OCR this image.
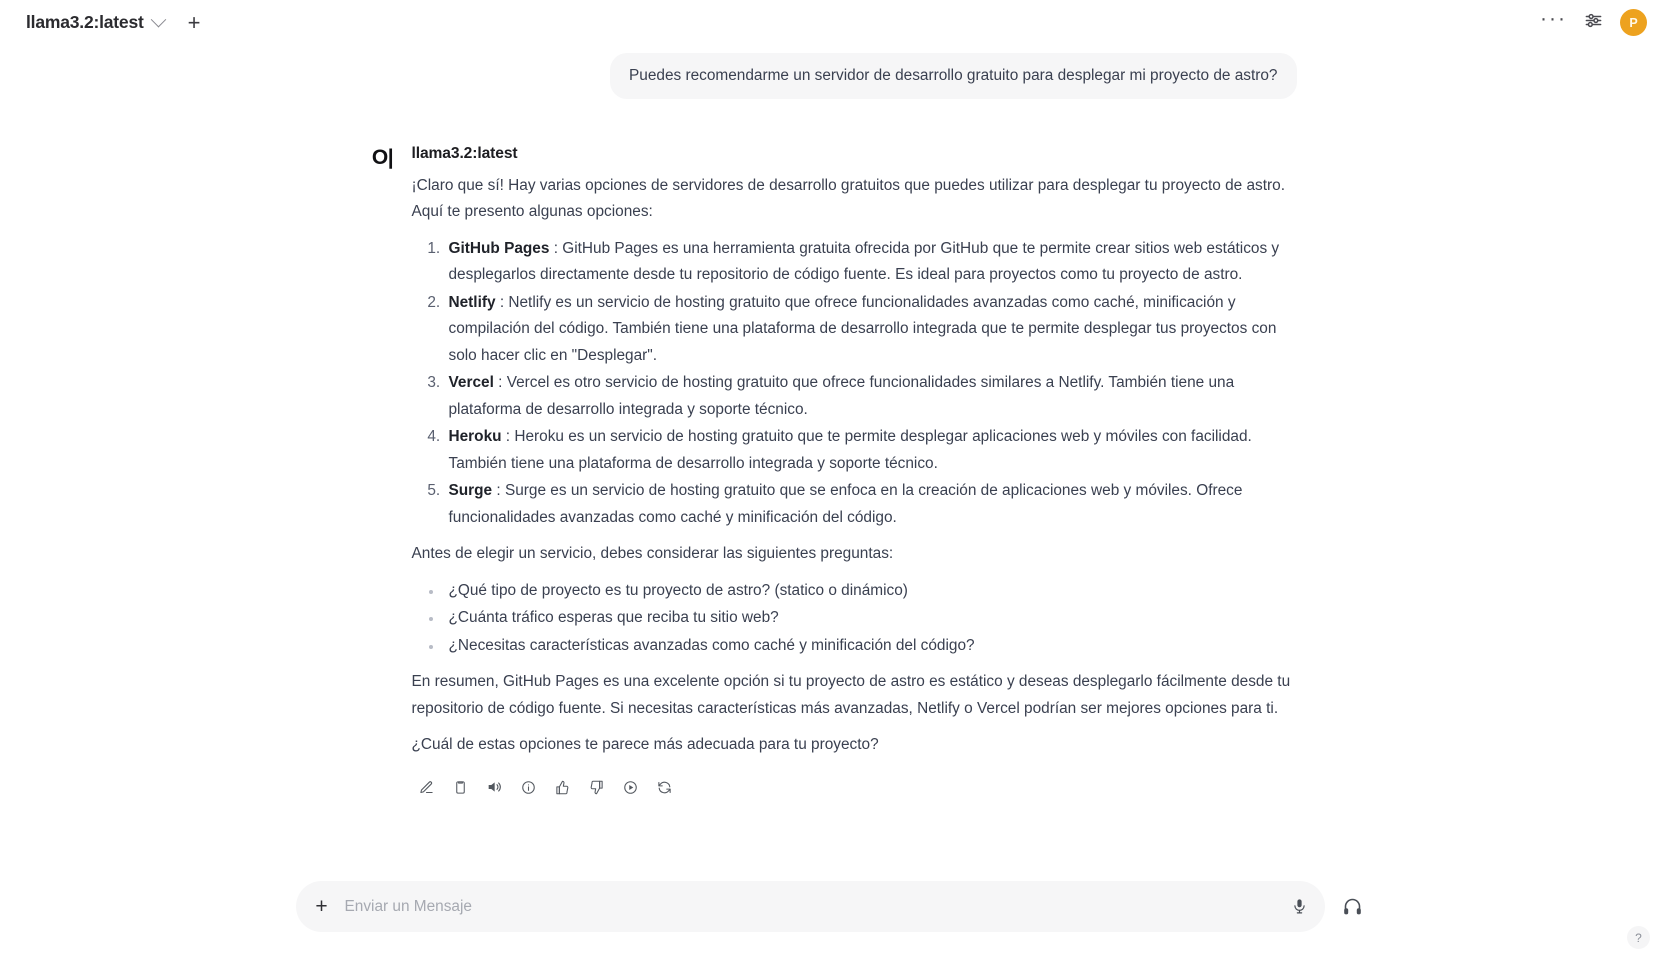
llama3.2:latest +	···	P
Puedes recomendarme un servidor de desarrollo gratuito para desplegar mi proyecto de astro?
O| llama3.2:latest

¡Claro que sí! Hay varias opciones de servidores de desarrollo gratuitos que puedes utilizar para desplegar tu proyecto de astro. Aquí te presento algunas opciones:

1. GitHub Pages : GitHub Pages es una herramienta gratuita ofrecida por GitHub que te permite crear sitios web estáticos y desplegarlos directamente desde tu repositorio de código fuente. Es ideal para proyectos como tu proyecto de astro.
2. Netlify : Netlify es un servicio de hosting gratuito que ofrece funcionalidades avanzadas como caché, minificación y compilación del código. También tiene una plataforma de desarrollo integrada que te permite desplegar tus proyectos con solo hacer clic en "Desplegar".
3. Vercel : Vercel es otro servicio de hosting gratuito que ofrece funcionalidades similares a Netlify. También tiene una plataforma de desarrollo integrada y soporte técnico.
4. Heroku : Heroku es un servicio de hosting gratuito que te permite desplegar aplicaciones web y móviles con facilidad. También tiene una plataforma de desarrollo integrada y soporte técnico.
5. Surge : Surge es un servicio de hosting gratuito que se enfoca en la creación de aplicaciones web y móviles. Ofrece funcionalidades avanzadas como caché y minificación del código.

Antes de elegir un servicio, debes considerar las siguientes preguntas:

¿Qué tipo de proyecto es tu proyecto de astro? (statico o dinámico)
¿Cuánta tráfico esperas que reciba tu sitio web?
¿Necesitas características avanzadas como caché y minificación del código?

En resumen, GitHub Pages es una excelente opción si tu proyecto de astro es estático y deseas desplegarlo fácilmente desde tu repositorio de código fuente. Si necesitas características más avanzadas, Netlify o Vercel podrían ser mejores opciones para ti.

¿Cuál de estas opciones te parece más adecuada para tu proyecto?

+
Enviar un Mensaje
?
